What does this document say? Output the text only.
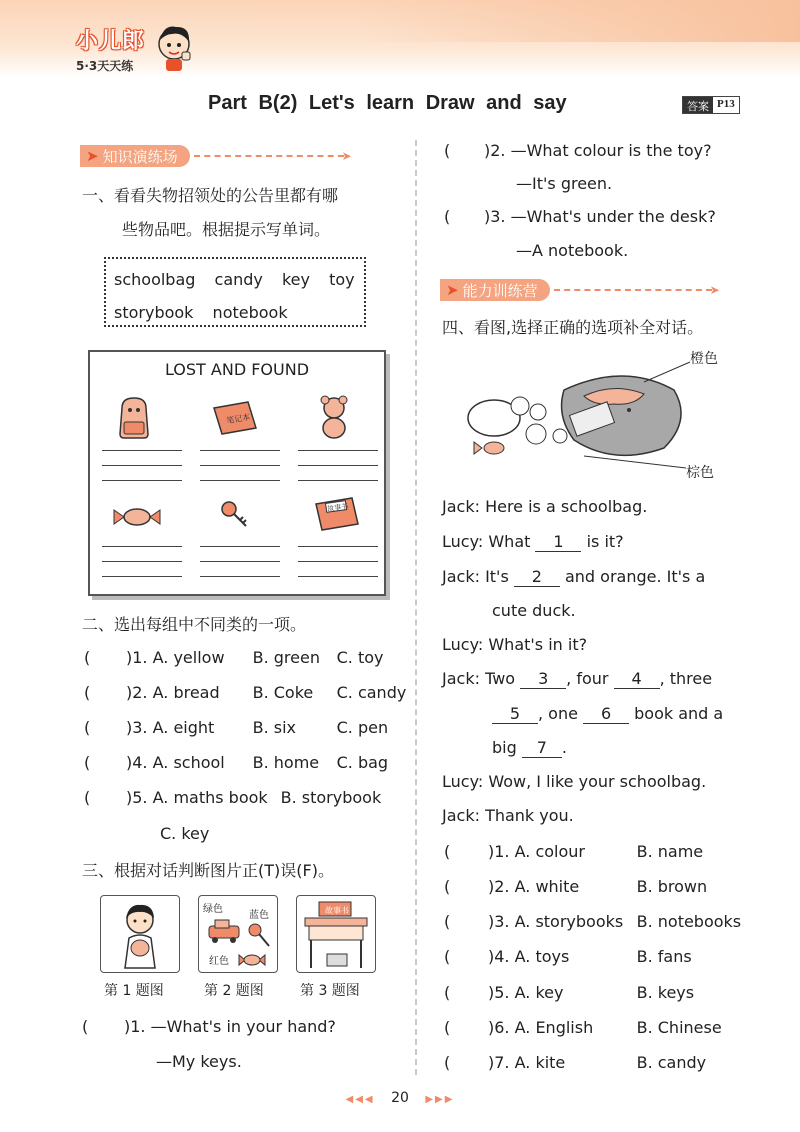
小儿郎
5·3天天练
Part B(2) Let's learn Draw and say	答案 P13
➤ 知识演练场	➤
一、看看失物招领处的公告里都有哪
些物品吧。根据提示写单词。
schoolbag candy key toy
storybook notebook
LOST AND FOUND
笔记本
故事书
二、选出每组中不同类的一项。
( )1. A. yellow B. green C. toy
( )2. A. bread B. Coke C. candy
( )3. A. eight B. six	C. pen
( )4. A. school B. home C. bag
( )5. A. maths book B. storybook
C. key
三、根据对话判断图片正(T)误(F)。
绿色
蓝色
红色
故事书
第 1 题图	第 2 题图	第 3 题图
( )1. —What's in your hand?
—My keys.
( )2. —What colour is the toy?
—It's green.
( )3. —What's under the desk?
—A notebook.
➤ 能力训练营	➤
四、看图,选择正确的选项补全对话。
橙色
棕色
Jack: Here is a schoolbag.
Lucy: What 1 is it?
Jack: It's 2 and orange. It's a
cute duck.
Lucy: What's in it?
Jack: Two 3 , four 4 , three
5 , one 6 book and a
big 7 .
Lucy: Wow, I like your schoolbag.
Jack: Thank you.
( )1. A. colour	B. name
( )2. A. white	B. brown
( )3. A. storybooks B. notebooks
( )4. A. toys	B. fans
( )5. A. key	B. keys
( )6. A. English	B. Chinese
( )7. A. kite	B. candy
◀◀◀ 20 ▶▶▶
